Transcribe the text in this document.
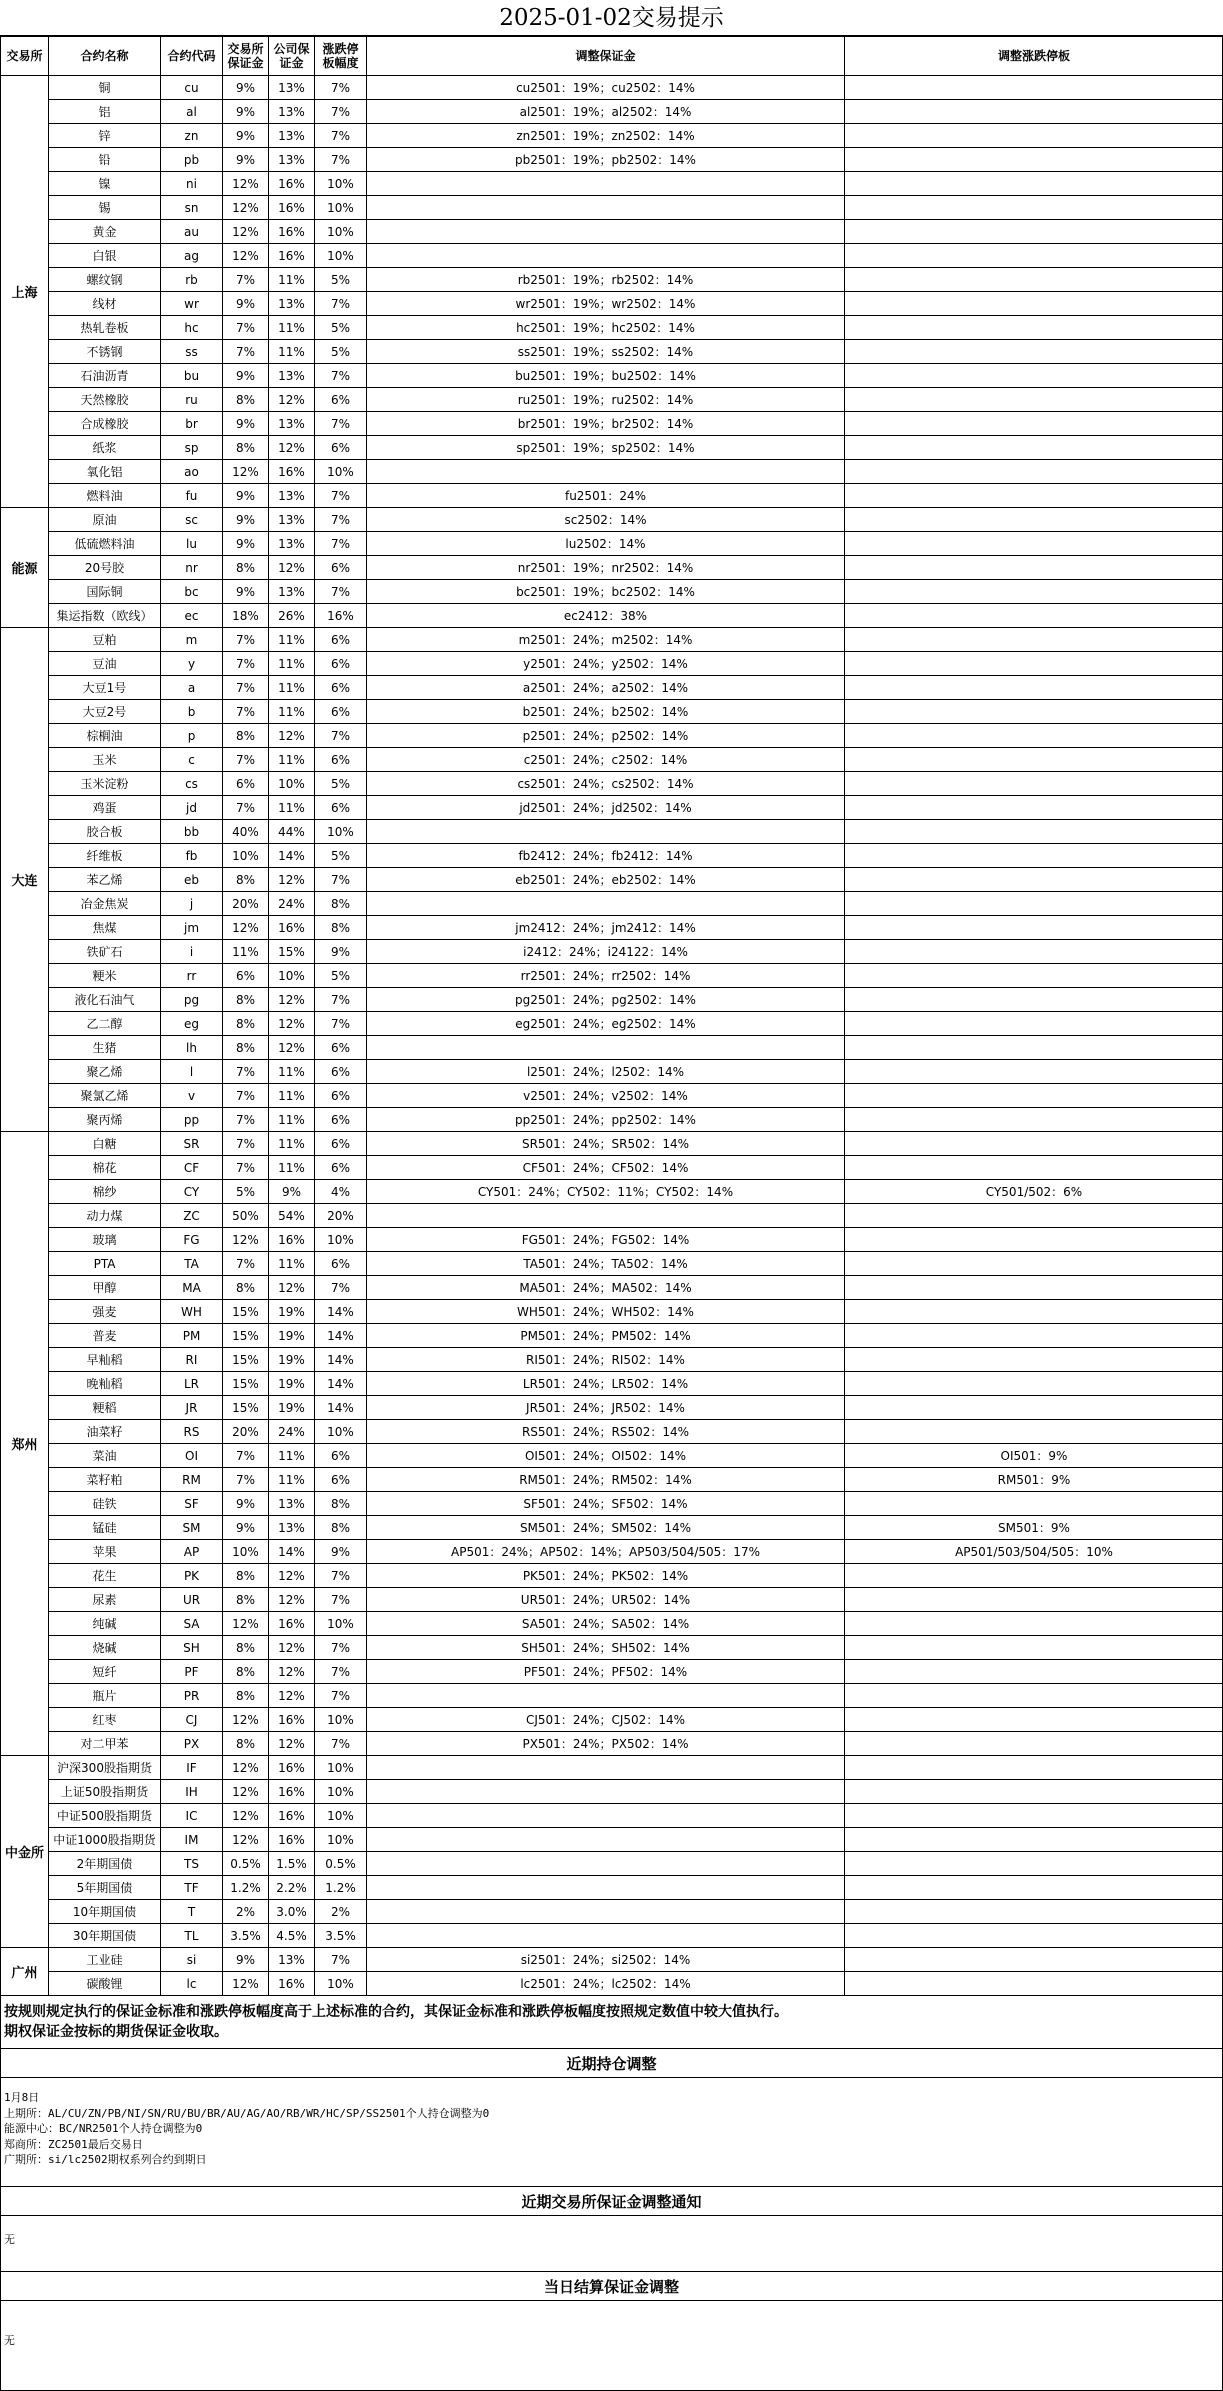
2025-01-02交易提示
交易所	合约名称	合约代码	交易所保证金	公司保证金	涨跌停板幅度	调整保证金	调整涨跌停板
上海	铜	cu	9%	13%	7%	cu2501：19%；cu2502：14%	
	铝	al	9%	13%	7%	al2501：19%；al2502：14%	
	锌	zn	9%	13%	7%	zn2501：19%；zn2502：14%	
	铅	pb	9%	13%	7%	pb2501：19%；pb2502：14%	
	镍	ni	12%	16%	10%		
	锡	sn	12%	16%	10%		
	黄金	au	12%	16%	10%		
	白银	ag	12%	16%	10%		
	螺纹钢	rb	7%	11%	5%	rb2501：19%；rb2502：14%	
	线材	wr	9%	13%	7%	wr2501：19%；wr2502：14%	
	热轧卷板	hc	7%	11%	5%	hc2501：19%；hc2502：14%	
	不锈钢	ss	7%	11%	5%	ss2501：19%；ss2502：14%	
	石油沥青	bu	9%	13%	7%	bu2501：19%；bu2502：14%	
	天然橡胶	ru	8%	12%	6%	ru2501：19%；ru2502：14%	
	合成橡胶	br	9%	13%	7%	br2501：19%；br2502：14%	
	纸浆	sp	8%	12%	6%	sp2501：19%；sp2502：14%	
	氧化铝	ao	12%	16%	10%		
	燃料油	fu	9%	13%	7%	fu2501：24%	
能源	原油	sc	9%	13%	7%	sc2502：14%	
	低硫燃料油	lu	9%	13%	7%	lu2502：14%	
	20号胶	nr	8%	12%	6%	nr2501：19%；nr2502：14%	
	国际铜	bc	9%	13%	7%	bc2501：19%；bc2502：14%	
	集运指数（欧线）	ec	18%	26%	16%	ec2412：38%	
大连	豆粕	m	7%	11%	6%	m2501：24%；m2502：14%	
	豆油	y	7%	11%	6%	y2501：24%；y2502：14%	
	大豆1号	a	7%	11%	6%	a2501：24%；a2502：14%	
	大豆2号	b	7%	11%	6%	b2501：24%；b2502：14%	
	棕榈油	p	8%	12%	7%	p2501：24%；p2502：14%	
	玉米	c	7%	11%	6%	c2501：24%；c2502：14%	
	玉米淀粉	cs	6%	10%	5%	cs2501：24%；cs2502：14%	
	鸡蛋	jd	7%	11%	6%	jd2501：24%；jd2502：14%	
	胶合板	bb	40%	44%	10%		
	纤维板	fb	10%	14%	5%	fb2412：24%；fb2412：14%	
	苯乙烯	eb	8%	12%	7%	eb2501：24%；eb2502：14%	
	冶金焦炭	j	20%	24%	8%		
	焦煤	jm	12%	16%	8%	jm2412：24%；jm2412：14%	
	铁矿石	i	11%	15%	9%	i2412：24%；i24122：14%	
	粳米	rr	6%	10%	5%	rr2501：24%；rr2502：14%	
	液化石油气	pg	8%	12%	7%	pg2501：24%；pg2502：14%	
	乙二醇	eg	8%	12%	7%	eg2501：24%；eg2502：14%	
	生猪	lh	8%	12%	6%		
	聚乙烯	l	7%	11%	6%	l2501：24%；l2502：14%	
	聚氯乙烯	v	7%	11%	6%	v2501：24%；v2502：14%	
	聚丙烯	pp	7%	11%	6%	pp2501：24%；pp2502：14%	
郑州	白糖	SR	7%	11%	6%	SR501：24%；SR502：14%	
	棉花	CF	7%	11%	6%	CF501：24%；CF502：14%	
	棉纱	CY	5%	9%	4%	CY501：24%；CY502：11%；CY502：14%	CY501/502：6%
	动力煤	ZC	50%	54%	20%		
	玻璃	FG	12%	16%	10%	FG501：24%；FG502：14%	
	PTA	TA	7%	11%	6%	TA501：24%；TA502：14%	
	甲醇	MA	8%	12%	7%	MA501：24%；MA502：14%	
	强麦	WH	15%	19%	14%	WH501：24%；WH502：14%	
	普麦	PM	15%	19%	14%	PM501：24%；PM502：14%	
	早籼稻	RI	15%	19%	14%	RI501：24%；RI502：14%	
	晚籼稻	LR	15%	19%	14%	LR501：24%；LR502：14%	
	粳稻	JR	15%	19%	14%	JR501：24%；JR502：14%	
	油菜籽	RS	20%	24%	10%	RS501：24%；RS502：14%	
	菜油	OI	7%	11%	6%	OI501：24%；OI502：14%	OI501：9%
	菜籽粕	RM	7%	11%	6%	RM501：24%；RM502：14%	RM501：9%
	硅铁	SF	9%	13%	8%	SF501：24%；SF502：14%	
	锰硅	SM	9%	13%	8%	SM501：24%；SM502：14%	SM501：9%
	苹果	AP	10%	14%	9%	AP501：24%；AP502：14%；AP503/504/505：17%	AP501/503/504/505：10%
	花生	PK	8%	12%	7%	PK501：24%；PK502：14%	
	尿素	UR	8%	12%	7%	UR501：24%；UR502：14%	
	纯碱	SA	12%	16%	10%	SA501：24%；SA502：14%	
	烧碱	SH	8%	12%	7%	SH501：24%；SH502：14%	
	短纤	PF	8%	12%	7%	PF501：24%；PF502：14%	
	瓶片	PR	8%	12%	7%		
	红枣	CJ	12%	16%	10%	CJ501：24%；CJ502：14%	
	对二甲苯	PX	8%	12%	7%	PX501：24%；PX502：14%	
中金所	沪深300股指期货	IF	12%	16%	10%		
	上证50股指期货	IH	12%	16%	10%		
	中证500股指期货	IC	12%	16%	10%		
	中证1000股指期货	IM	12%	16%	10%		
	2年期国债	TS	0.5%	1.5%	0.5%		
	5年期国债	TF	1.2%	2.2%	1.2%		
	10年期国债	T	2%	3.0%	2%		
	30年期国债	TL	3.5%	4.5%	3.5%		
广州	工业硅	si	9%	13%	7%	si2501：24%；si2502：14%	
	碳酸锂	lc	12%	16%	10%	lc2501：24%；lc2502：14%	
按规则规定执行的保证金标准和涨跌停板幅度高于上述标准的合约，其保证金标准和涨跌停板幅度按照规定数值中较大值执行。
期权保证金按标的期货保证金收取。
近期持仓调整
1月8日
上期所：AL/CU/ZN/PB/NI/SN/RU/BU/BR/AU/AG/AO/RB/WR/HC/SP/SS2501个人持仓调整为0
能源中心：BC/NR2501个人持仓调整为0
郑商所：ZC2501最后交易日
广期所：si/lc2502期权系列合约到期日
近期交易所保证金调整通知
无
当日结算保证金调整
无
